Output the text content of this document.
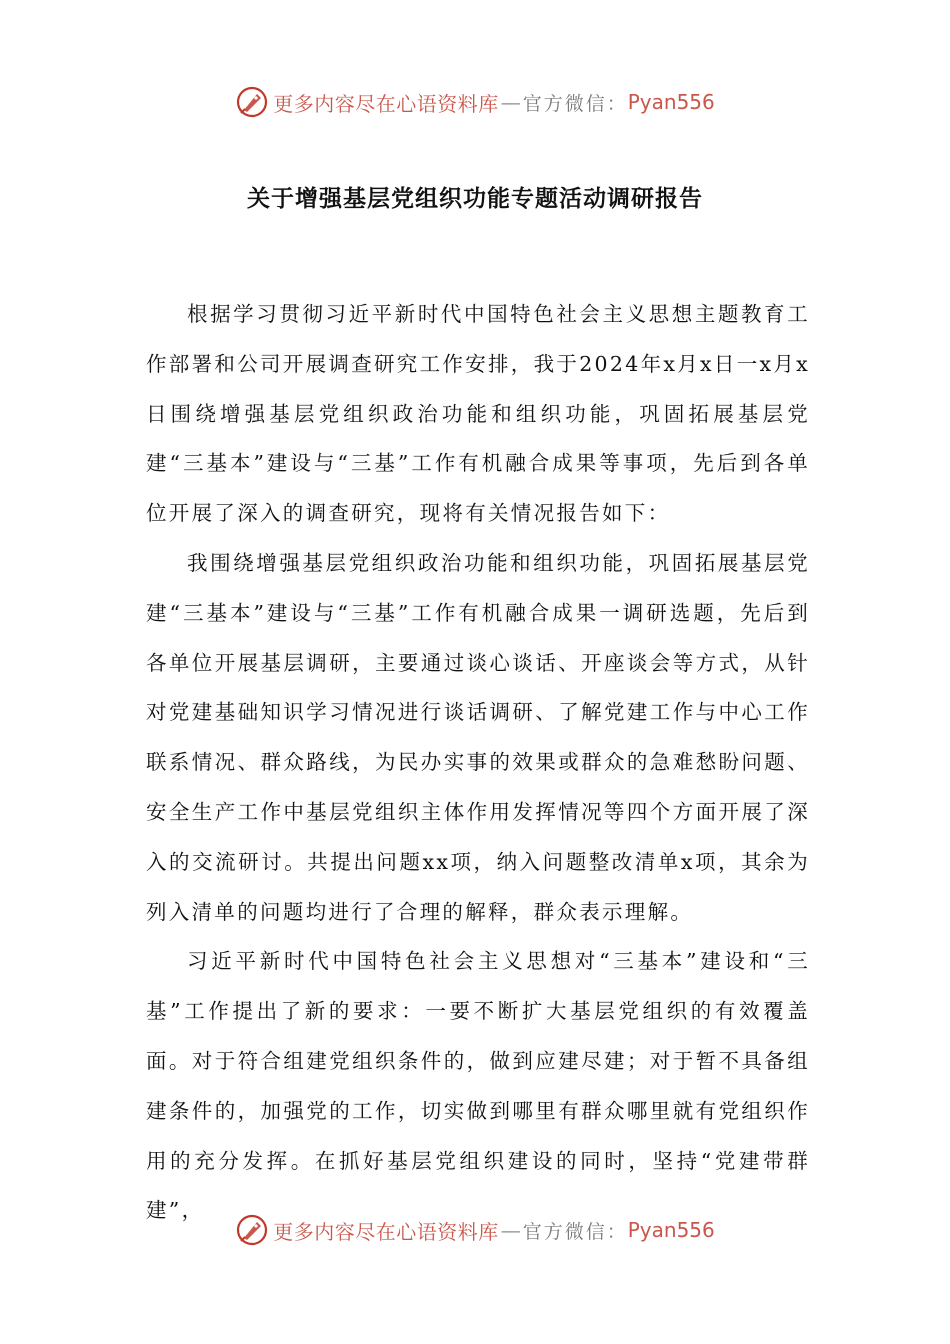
更多内容尽在心语资料库 — 官方微信： Pyan556
关于增强基层党组织功能专题活动调研报告

根据学习贯彻习近平新时代中国特色社会主义思想主题教育工作部署和公司开展调查研究工作安排，我于2024年x月x日一x月x日围绕增强基层党组织政治功能和组织功能，巩固拓展基层党建“三基本”建设与“三基”工作有机融合成果等事项，先后到各单位开展了深入的调查研究，现将有关情况报告如下：

我围绕增强基层党组织政治功能和组织功能，巩固拓展基层党建“三基本”建设与“三基”工作有机融合成果一调研选题，先后到各单位开展基层调研，主要通过谈心谈话、开座谈会等方式，从针对党建基础知识学习情况进行谈话调研、了解党建工作与中心工作联系情况、群众路线，为民办实事的效果或群众的急难愁盼问题、安全生产工作中基层党组织主体作用发挥情况等四个方面开展了深入的交流研讨。共提出问题xx项，纳入问题整改清单x项，其余为列入清单的问题均进行了合理的解释，群众表示理解。

习近平新时代中国特色社会主义思想对“三基本”建设和“三基”工作提出了新的要求：一要不断扩大基层党组织的有效覆盖面。对于符合组建党组织条件的，做到应建尽建；对于暂不具备组建条件的，加强党的工作，切实做到哪里有群众哪里就有党组织作用的充分发挥。在抓好基层党组织建设的同时，坚持“党建带群建”，

更多内容尽在心语资料库 — 官方微信： Pyan556
